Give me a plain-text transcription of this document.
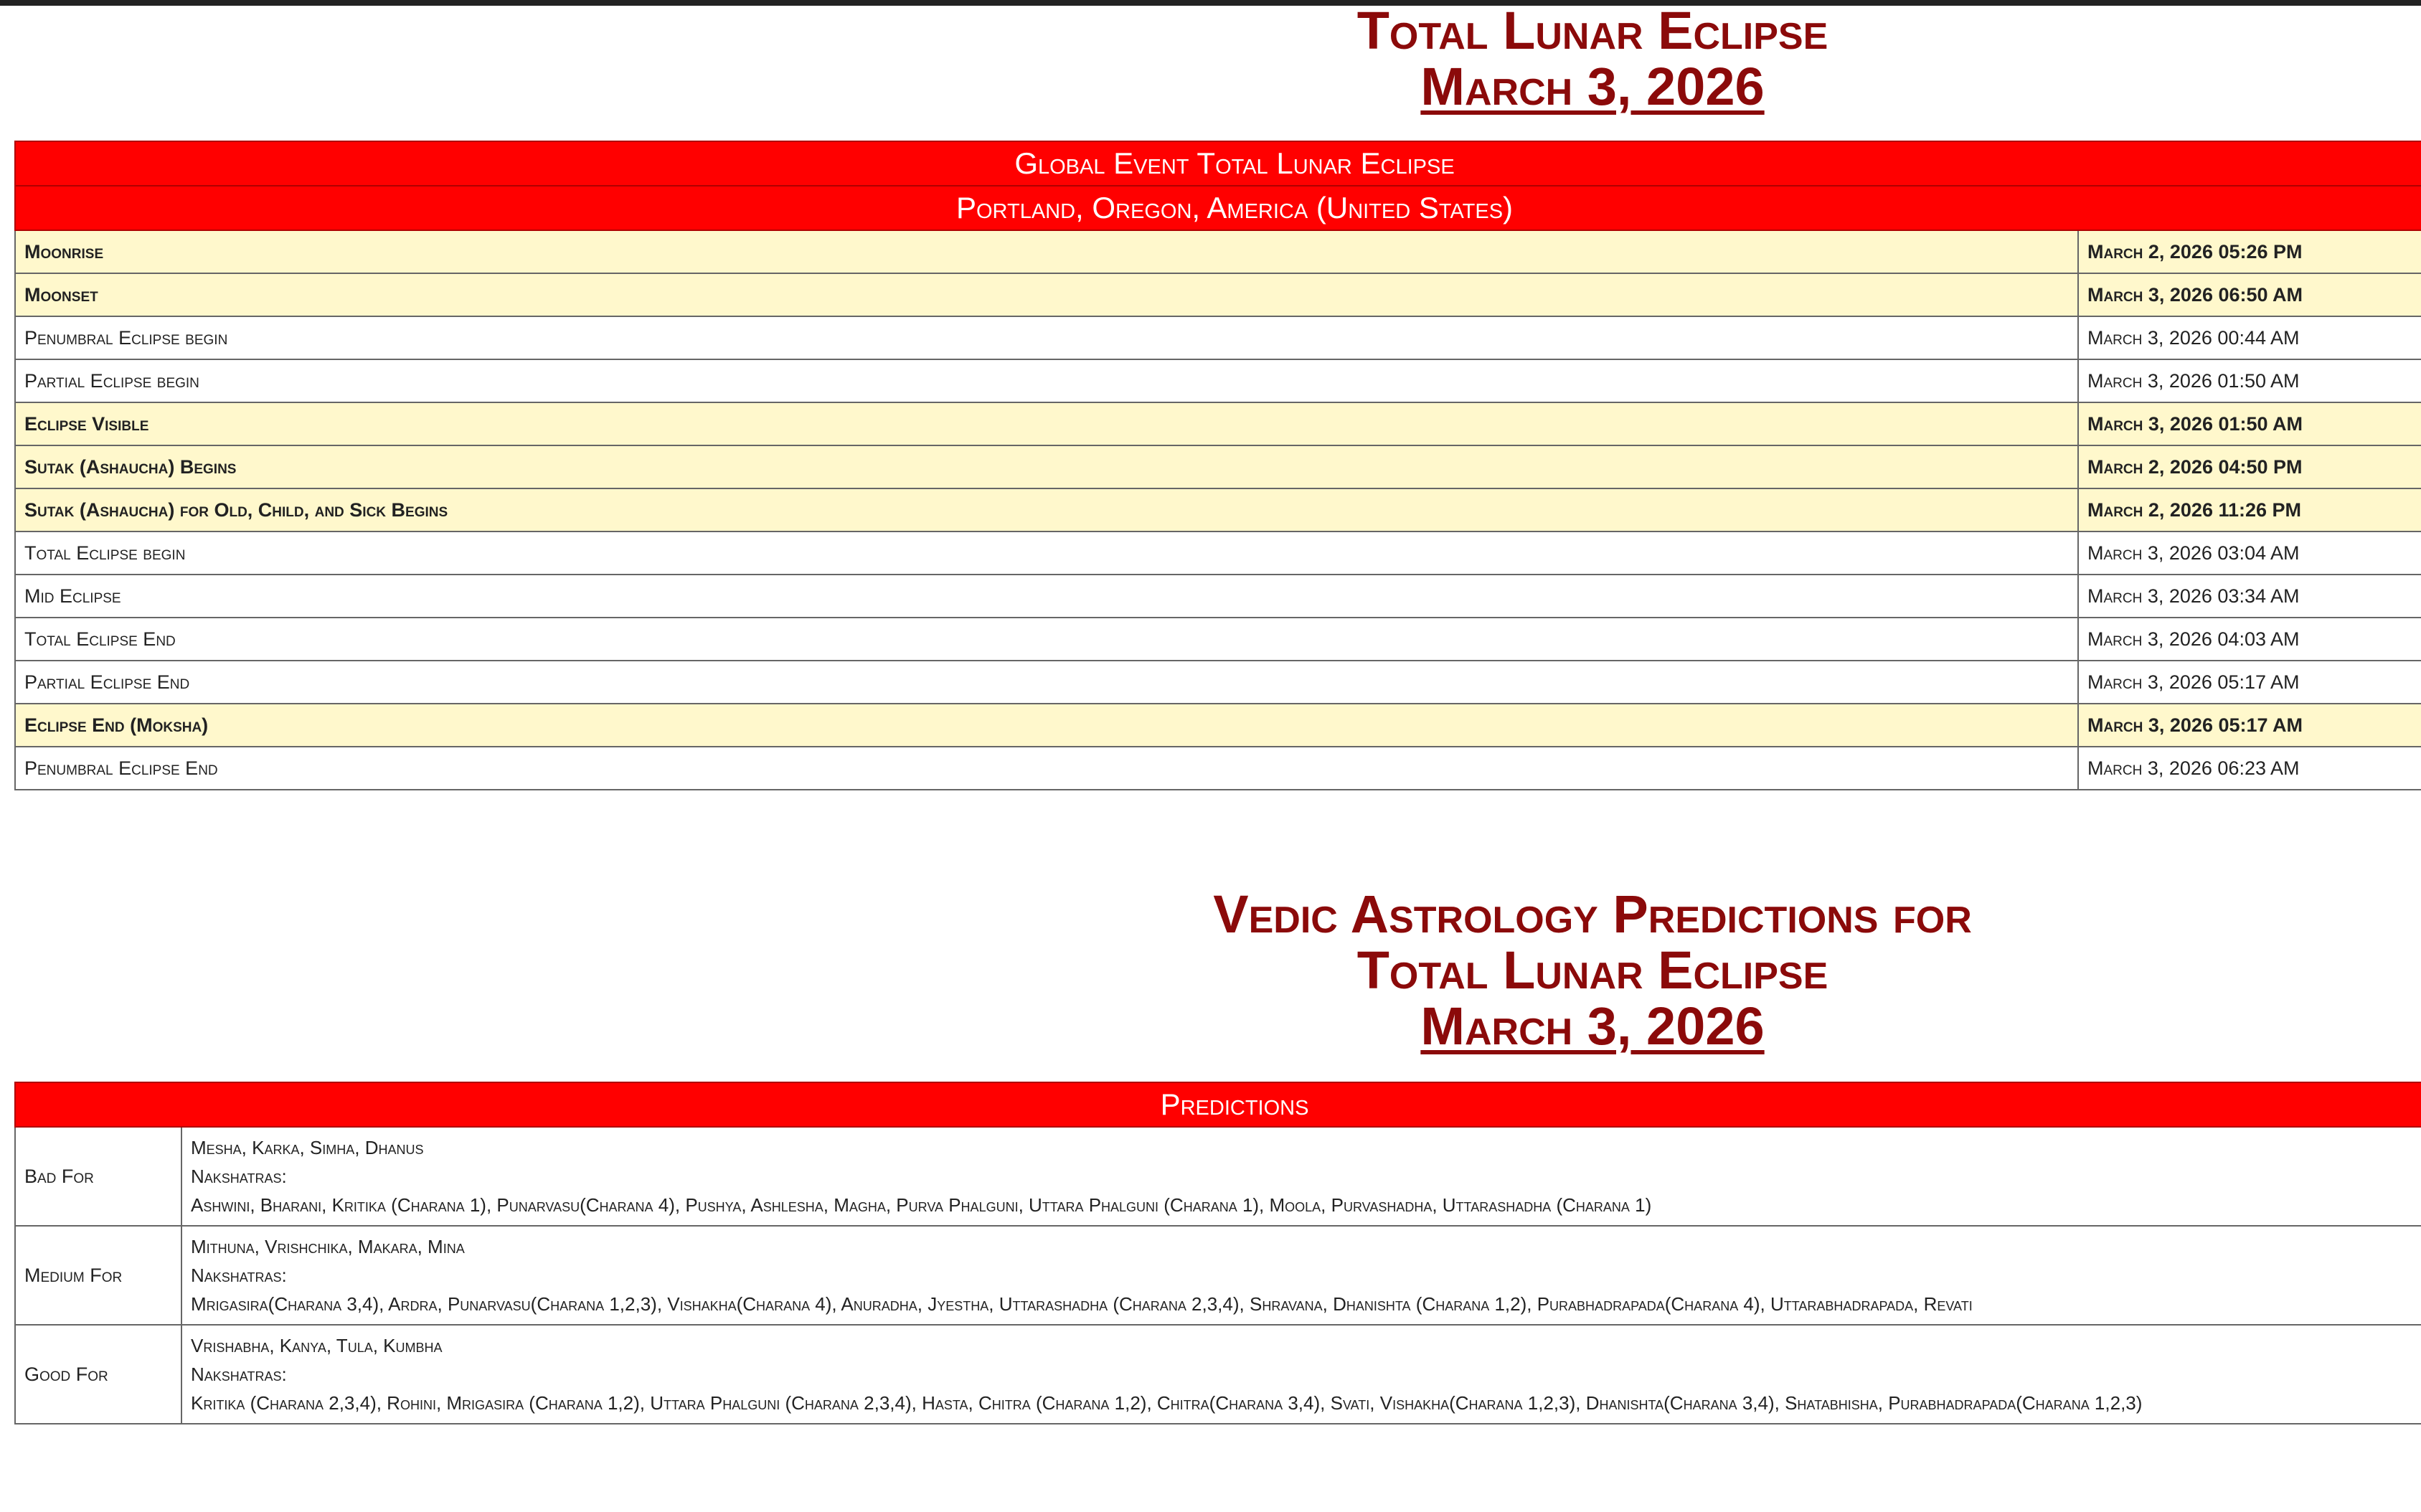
Total Lunar Eclipse
March 3, 2026
Global Event Total Lunar Eclipse	
Portland, Oregon, America (United States)	
Moonrise	March 2, 2026 05:26 PM
Moonset	March 3, 2026 06:50 AM
Penumbral Eclipse begin	March 3, 2026 00:44 AM
Partial Eclipse begin	March 3, 2026 01:50 AM
Eclipse Visible	March 3, 2026 01:50 AM
Sutak (Ashaucha) Begins	March 2, 2026 04:50 PM
Sutak (Ashaucha) for Old, Child, and Sick Begins	March 2, 2026 11:26 PM
Total Eclipse begin	March 3, 2026 03:04 AM
Mid Eclipse	March 3, 2026 03:34 AM
Total Eclipse End	March 3, 2026 04:03 AM
Partial Eclipse End	March 3, 2026 05:17 AM
Eclipse End (Moksha)	March 3, 2026 05:17 AM
Penumbral Eclipse End	March 3, 2026 06:23 AM
Vedic Astrology Predictions for
Total Lunar Eclipse
March 3, 2026
Predictions	
Bad For	Mesha, Karka, Simha, Dhanus
Nakshatras:
Ashwini, Bharani, Kritika (Charana 1), Punarvasu(Charana 4), Pushya, Ashlesha, Magha, Purva Phalguni, Uttara Phalguni (Charana 1), Moola, Purvashadha, Uttarashadha (Charana 1)

Medium For	Mithuna, Vrishchika, Makara, Mina
Nakshatras:
Mrigasira(Charana 3,4), Ardra, Punarvasu(Charana 1,2,3), Vishakha(Charana 4), Anuradha, Jyestha, Uttarashadha (Charana 2,3,4), Shravana, Dhanishta (Charana 1,2), Purabhadrapada(Charana 4), Uttarabhadrapada, Revati

Good For	Vrishabha, Kanya, Tula, Kumbha
Nakshatras:
Kritika (Charana 2,3,4), Rohini, Mrigasira (Charana 1,2), Uttara Phalguni (Charana 2,3,4), Hasta, Chitra (Charana 1,2), Chitra(Charana 3,4), Svati, Vishakha(Charana 1,2,3), Dhanishta(Charana 3,4), Shatabhisha, Purabhadrapada(Charana 1,2,3)
